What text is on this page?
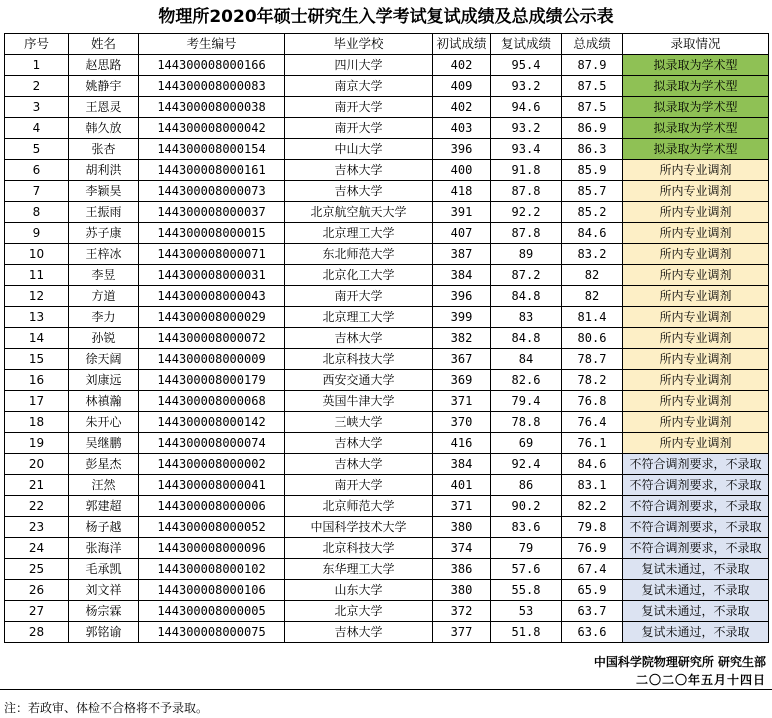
物理所2020年硕士研究生入学考试复试成绩及总成绩公示表
序号	姓名	考生编号	毕业学校	初试成绩	复试成绩	总成绩	录取情况
1	赵思路	144300008000166	四川大学	402	95.4	87.9	拟录取为学术型
2	姚静宇	144300008000083	南京大学	409	93.2	87.5	拟录取为学术型
3	王恩灵	144300008000038	南开大学	402	94.6	87.5	拟录取为学术型
4	韩久放	144300008000042	南开大学	403	93.2	86.9	拟录取为学术型
5	张杏	144300008000154	中山大学	396	93.4	86.3	拟录取为学术型
6	胡利洪	144300008000161	吉林大学	400	91.8	85.9	所内专业调剂
7	李颖昊	144300008000073	吉林大学	418	87.8	85.7	所内专业调剂
8	王振雨	144300008000037	北京航空航天大学	391	92.2	85.2	所内专业调剂
9	苏子康	144300008000015	北京理工大学	407	87.8	84.6	所内专业调剂
10	王梓冰	144300008000071	东北师范大学	387	89	83.2	所内专业调剂
11	李昱	144300008000031	北京化工大学	384	87.2	82	所内专业调剂
12	方道	144300008000043	南开大学	396	84.8	82	所内专业调剂
13	李力	144300008000029	北京理工大学	399	83	81.4	所内专业调剂
14	孙锐	144300008000072	吉林大学	382	84.8	80.6	所内专业调剂
15	徐天阔	144300008000009	北京科技大学	367	84	78.7	所内专业调剂
16	刘康远	144300008000179	西安交通大学	369	82.6	78.2	所内专业调剂
17	林禛瀚	144300008000068	英国牛津大学	371	79.4	76.8	所内专业调剂
18	朱开心	144300008000142	三峡大学	370	78.8	76.4	所内专业调剂
19	吴继鹏	144300008000074	吉林大学	416	69	76.1	所内专业调剂
20	彭星杰	144300008000002	吉林大学	384	92.4	84.6	不符合调剂要求，不录取
21	汪然	144300008000041	南开大学	401	86	83.1	不符合调剂要求，不录取
22	郭建超	144300008000006	北京师范大学	371	90.2	82.2	不符合调剂要求，不录取
23	杨子越	144300008000052	中国科学技术大学	380	83.6	79.8	不符合调剂要求，不录取
24	张海洋	144300008000096	北京科技大学	374	79	76.9	不符合调剂要求，不录取
25	毛承凯	144300008000102	东华理工大学	386	57.6	67.4	复试未通过，不录取
26	刘文祥	144300008000106	山东大学	380	55.8	65.9	复试未通过，不录取
27	杨宗霖	144300008000005	北京大学	372	53	63.7	复试未通过，不录取
28	郭铭谕	144300008000075	吉林大学	377	51.8	63.6	复试未通过，不录取
中国科学院物理研究所 研究生部
二〇二〇年五月十四日
注：若政审、体检不合格将不予录取。
